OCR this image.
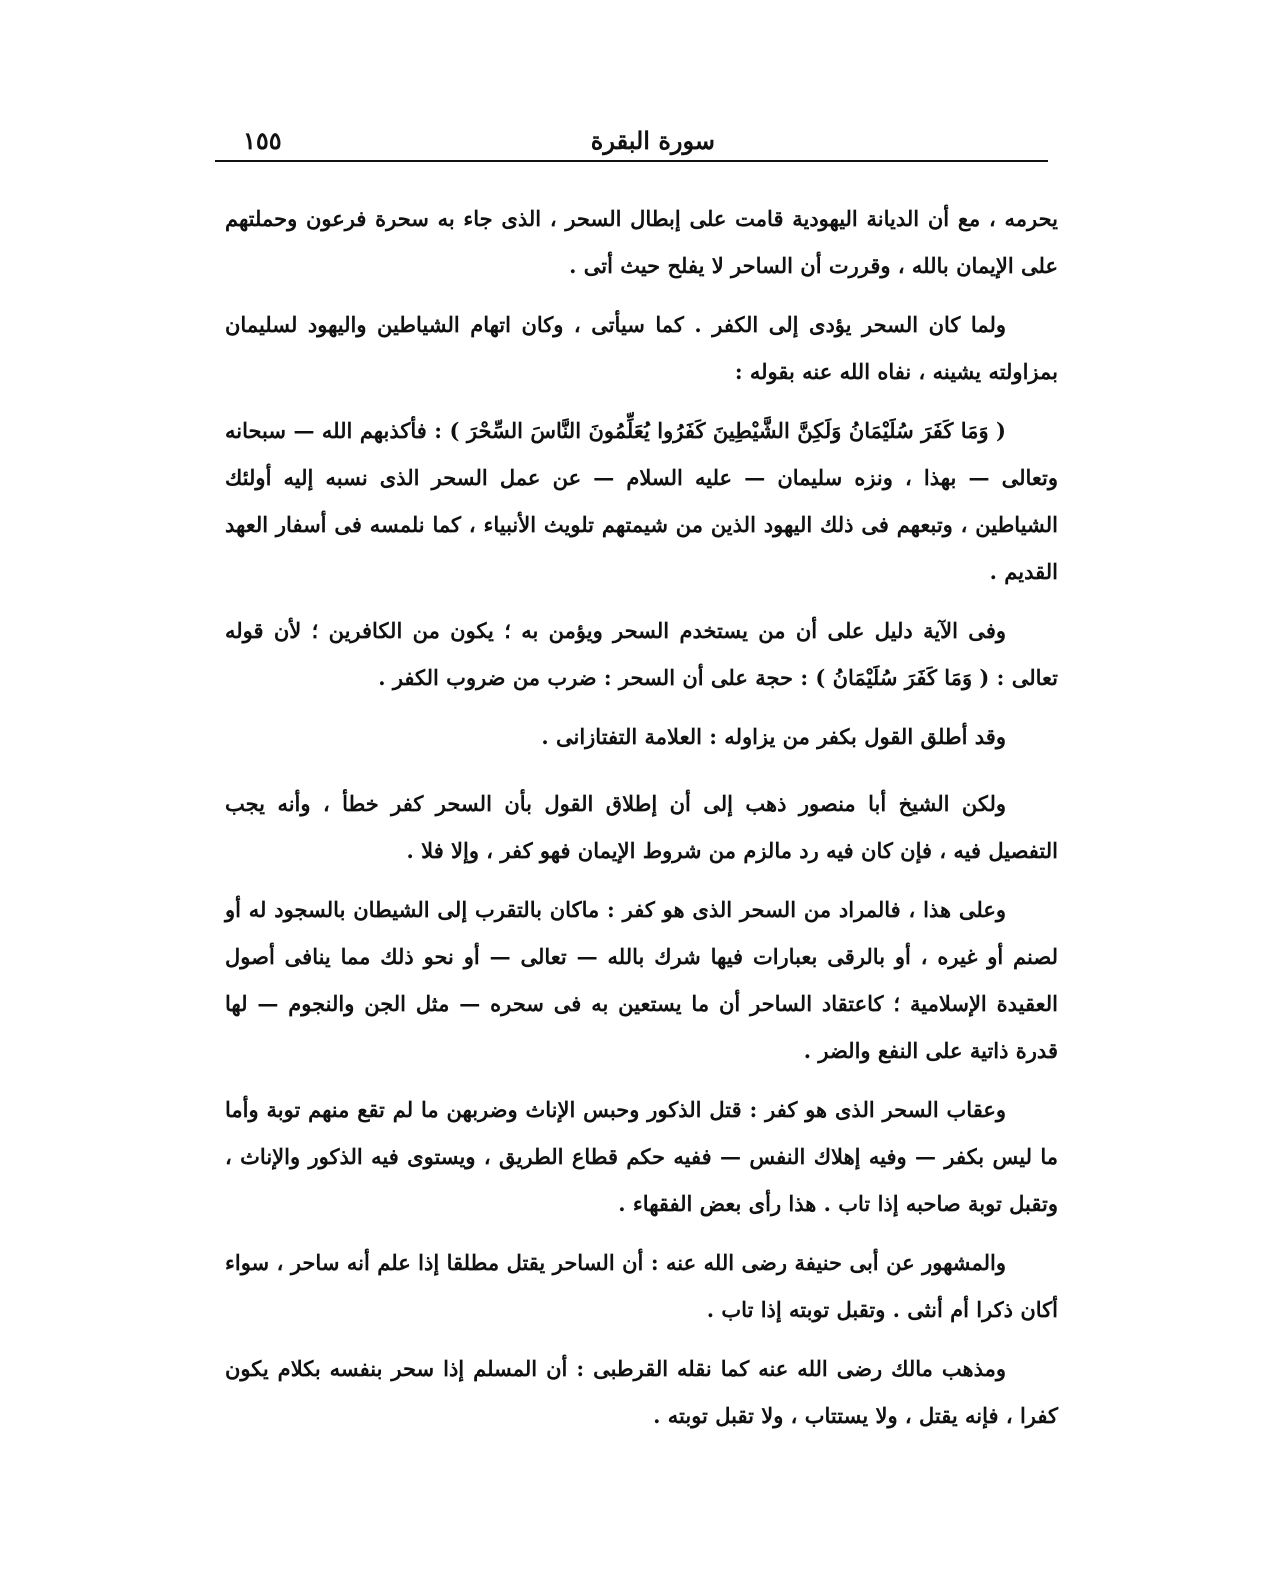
سورة البقرة
١٥٥

يحرمه ، مع أن الديانة اليهودية قامت على إبطال السحر ، الذى جاء به سحرة فرعون وحملتهم على الإيمان بالله ، وقررت أن الساحر لا يفلح حيث أتى .

ولما كان السحر يؤدى إلى الكفر . كما سيأتى ، وكان اتهام الشياطين واليهود لسليمان بمزاولته يشينه ، نفاه الله عنه بقوله :

( وَمَا كَفَرَ سُلَيْمَانُ وَلَكِنَّ الشَّيْطِينَ كَفَرُوا يُعَلِّمُونَ النَّاسَ السِّحْرَ ) : فأكذبهم الله — سبحانه وتعالى — بهذا ، ونزه سليمان — عليه السلام — عن عمل السحر الذى نسبه إليه أولئك الشياطين ، وتبعهم فى ذلك اليهود الذين من شيمتهم تلويث الأنبياء ، كما نلمسه فى أسفار العهد القديم .

وفى الآية دليل على أن من يستخدم السحر ويؤمن به ؛ يكون من الكافرين ؛ لأن قوله تعالى : ( وَمَا كَفَرَ سُلَيْمَانُ ) : حجة على أن السحر : ضرب من ضروب الكفر .

وقد أطلق القول بكفر من يزاوله : العلامة التفتازانى .

ولكن الشيخ أبا منصور ذهب إلى أن إطلاق القول بأن السحر كفر خطأ ، وأنه يجب التفصيل فيه ، فإن كان فيه رد مالزم من شروط الإيمان فهو كفر ، وإلا فلا .

وعلى هذا ، فالمراد من السحر الذى هو كفر : ماكان بالتقرب إلى الشيطان بالسجود له أو لصنم أو غيره ، أو بالرقى بعبارات فيها شرك بالله — تعالى — أو نحو ذلك مما ينافى أصول العقيدة الإسلامية ؛ كاعتقاد الساحر أن ما يستعين به فى سحره — مثل الجن والنجوم — لها قدرة ذاتية على النفع والضر .

وعقاب السحر الذى هو كفر : قتل الذكور وحبس الإناث وضربهن ما لم تقع منهم توبة وأما ما ليس بكفر — وفيه إهلاك النفس — ففيه حكم قطاع الطريق ، ويستوى فيه الذكور والإناث ، وتقبل توبة صاحبه إذا تاب . هذا رأى بعض الفقهاء .

والمشهور عن أبى حنيفة رضى الله عنه : أن الساحر يقتل مطلقا إذا علم أنه ساحر ، سواء أكان ذكرا أم أنثى . وتقبل توبته إذا تاب .

ومذهب مالك رضى الله عنه كما نقله القرطبى : أن المسلم إذا سحر بنفسه بكلام يكون كفرا ، فإنه يقتل ، ولا يستتاب ، ولا تقبل توبته .
